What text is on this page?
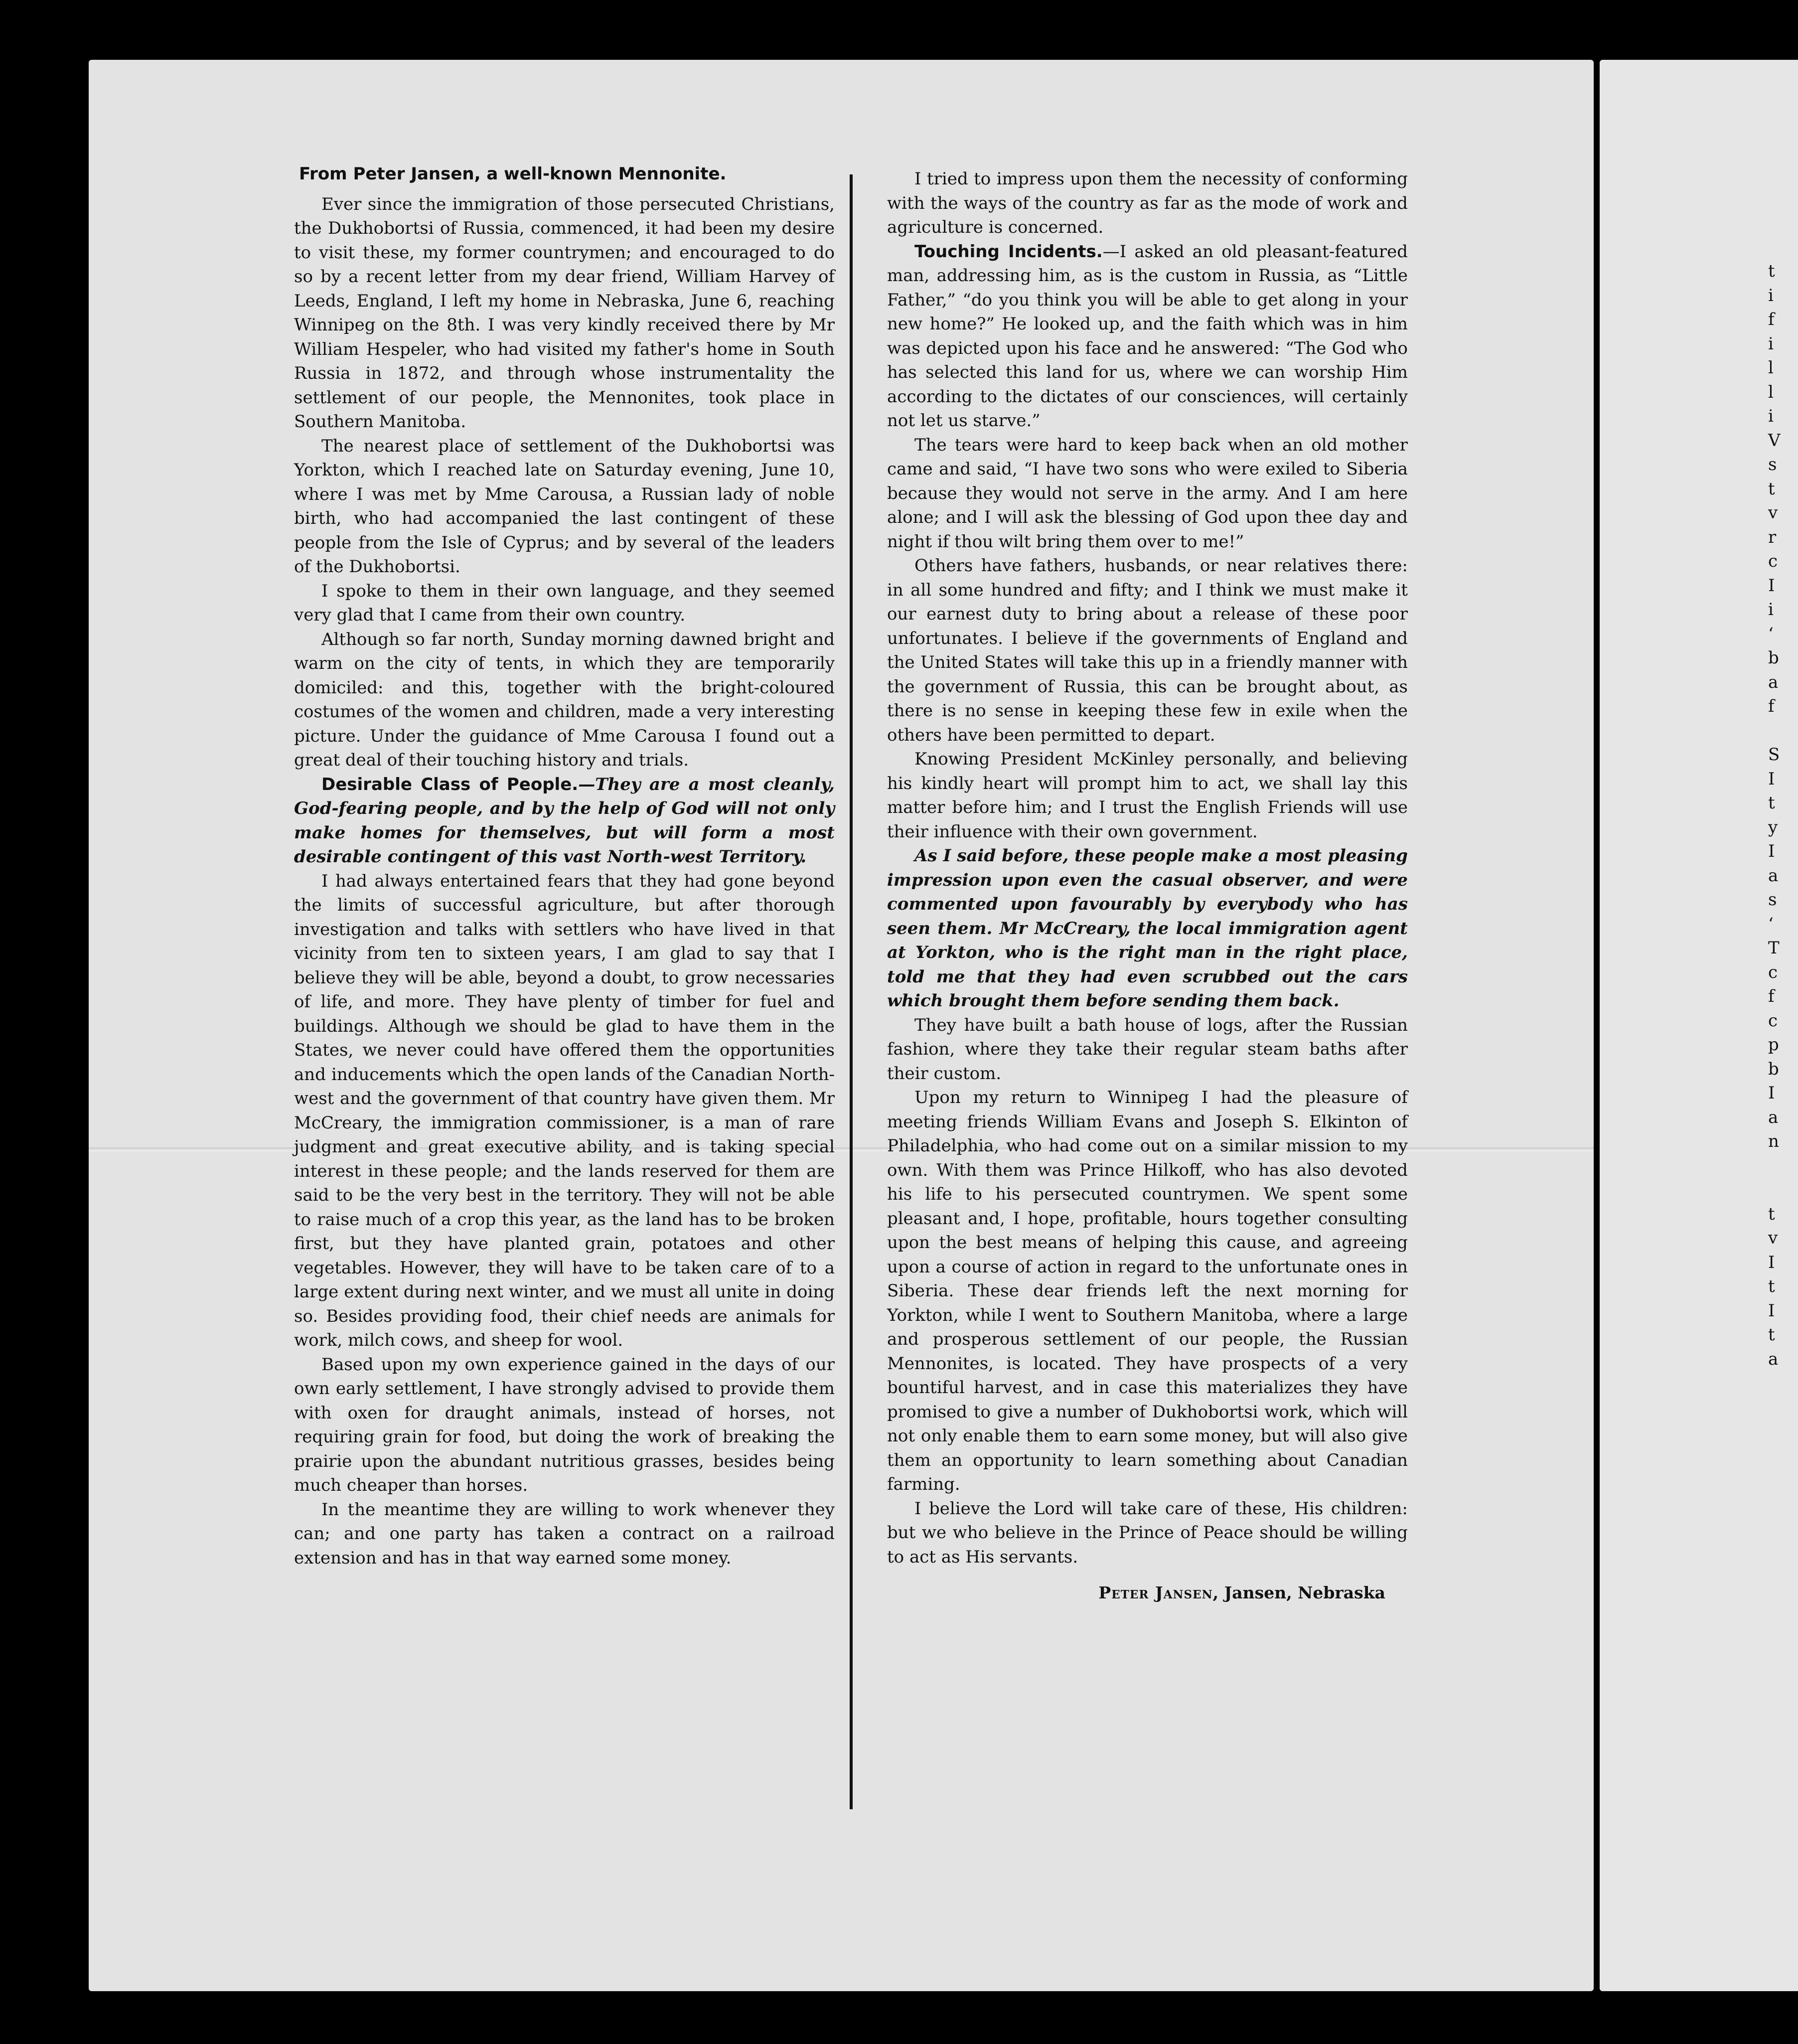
From Peter Jansen, a well-known Mennonite.

Ever since the immigration of those persecuted Christians, the Dukhobortsi of Russia, commenced, it had been my desire to visit these, my former countrymen; and encouraged to do so by a recent letter from my dear friend, William Harvey of Leeds, England, I left my home in Nebraska, June 6, reaching Winnipeg on the 8th. I was very kindly received there by Mr William Hespeler, who had visited my father's home in South Russia in 1872, and through whose instrumentality the settlement of our people, the Mennonites, took place in Southern Manitoba.

The nearest place of settlement of the Dukhobortsi was Yorkton, which I reached late on Saturday evening, June 10, where I was met by Mme Carousa, a Russian lady of noble birth, who had accompanied the last contingent of these people from the Isle of Cyprus; and by several of the leaders of the Dukhobortsi.

I spoke to them in their own language, and they seemed very glad that I came from their own country.

Although so far north, Sunday morning dawned bright and warm on the city of tents, in which they are temporarily domiciled: and this, together with the bright-coloured costumes of the women and children, made a very interesting picture. Under the guidance of Mme Carousa I found out a great deal of their touching history and trials.

Desirable Class of People.—They are a most cleanly, God-fearing people, and by the help of God will not only make homes for themselves, but will form a most desirable contingent of this vast North-west Territory.

I had always entertained fears that they had gone beyond the limits of successful agriculture, but after thorough investigation and talks with settlers who have lived in that vicinity from ten to sixteen years, I am glad to say that I believe they will be able, beyond a doubt, to grow necessaries of life, and more. They have plenty of timber for fuel and buildings. Although we should be glad to have them in the States, we never could have offered them the opportunities and inducements which the open lands of the Canadian North-west and the government of that country have given them. Mr McCreary, the immigration commissioner, is a man of rare judgment and great executive ability, and is taking special interest in these people; and the lands reserved for them are said to be the very best in the territory. They will not be able to raise much of a crop this year, as the land has to be broken first, but they have planted grain, potatoes and other vegetables. However, they will have to be taken care of to a large extent during next winter, and we must all unite in doing so. Besides providing food, their chief needs are animals for work, milch cows, and sheep for wool.

Based upon my own experience gained in the days of our own early settlement, I have strongly advised to provide them with oxen for draught animals, instead of horses, not requiring grain for food, but doing the work of breaking the prairie upon the abundant nutritious grasses, besides being much cheaper than horses.

In the meantime they are willing to work whenever they can; and one party has taken a contract on a railroad extension and has in that way earned some money.

I tried to impress upon them the necessity of conforming with the ways of the country as far as the mode of work and agriculture is concerned.

Touching Incidents.—I asked an old pleasant-featured man, addressing him, as is the custom in Russia, as “Little Father,” “do you think you will be able to get along in your new home?” He looked up, and the faith which was in him was depicted upon his face and he answered: “The God who has selected this land for us, where we can worship Him according to the dictates of our consciences, will certainly not let us starve.”

The tears were hard to keep back when an old mother came and said, “I have two sons who were exiled to Siberia because they would not serve in the army. And I am here alone; and I will ask the blessing of God upon thee day and night if thou wilt bring them over to me!”

Others have fathers, husbands, or near relatives there: in all some hundred and fifty; and I think we must make it our earnest duty to bring about a release of these poor unfortunates. I believe if the governments of England and the United States will take this up in a friendly manner with the government of Russia, this can be brought about, as there is no sense in keeping these few in exile when the others have been permitted to depart.

Knowing President McKinley personally, and believing his kindly heart will prompt him to act, we shall lay this matter before him; and I trust the English Friends will use their influence with their own government.

As I said before, these people make a most pleasing impression upon even the casual observer, and were commented upon favourably by everybody who has seen them. Mr McCreary, the local immigration agent at Yorkton, who is the right man in the right place, told me that they had even scrubbed out the cars which brought them before sending them back.

They have built a bath house of logs, after the Russian fashion, where they take their regular steam baths after their custom.

Upon my return to Winnipeg I had the pleasure of meeting friends William Evans and Joseph S. Elkinton of Philadelphia, who had come out on a similar mission to my own. With them was Prince Hilkoff, who has also devoted his life to his persecuted countrymen. We spent some pleasant and, I hope, profitable, hours together consulting upon the best means of helping this cause, and agreeing upon a course of action in regard to the unfortunate ones in Siberia. These dear friends left the next morning for Yorkton, while I went to Southern Manitoba, where a large and prosperous settlement of our people, the Russian Mennonites, is located. They have prospects of a very bountiful harvest, and in case this materializes they have promised to give a number of Dukhobortsi work, which will not only enable them to earn some money, but will also give them an opportunity to learn something about Canadian farming.

I believe the Lord will take care of these, His children: but we who believe in the Prince of Peace should be willing to act as His servants.

Peter Jansen, Jansen, Nebraska

t
i
f
i
l
l
i
V
s
t
v
r
c
I
i
‘
b
a
f
S
I
t
y
I
a
s
‘
T
c
f
c
p
b
I
a
n
t
v
I
t
I
t
a
